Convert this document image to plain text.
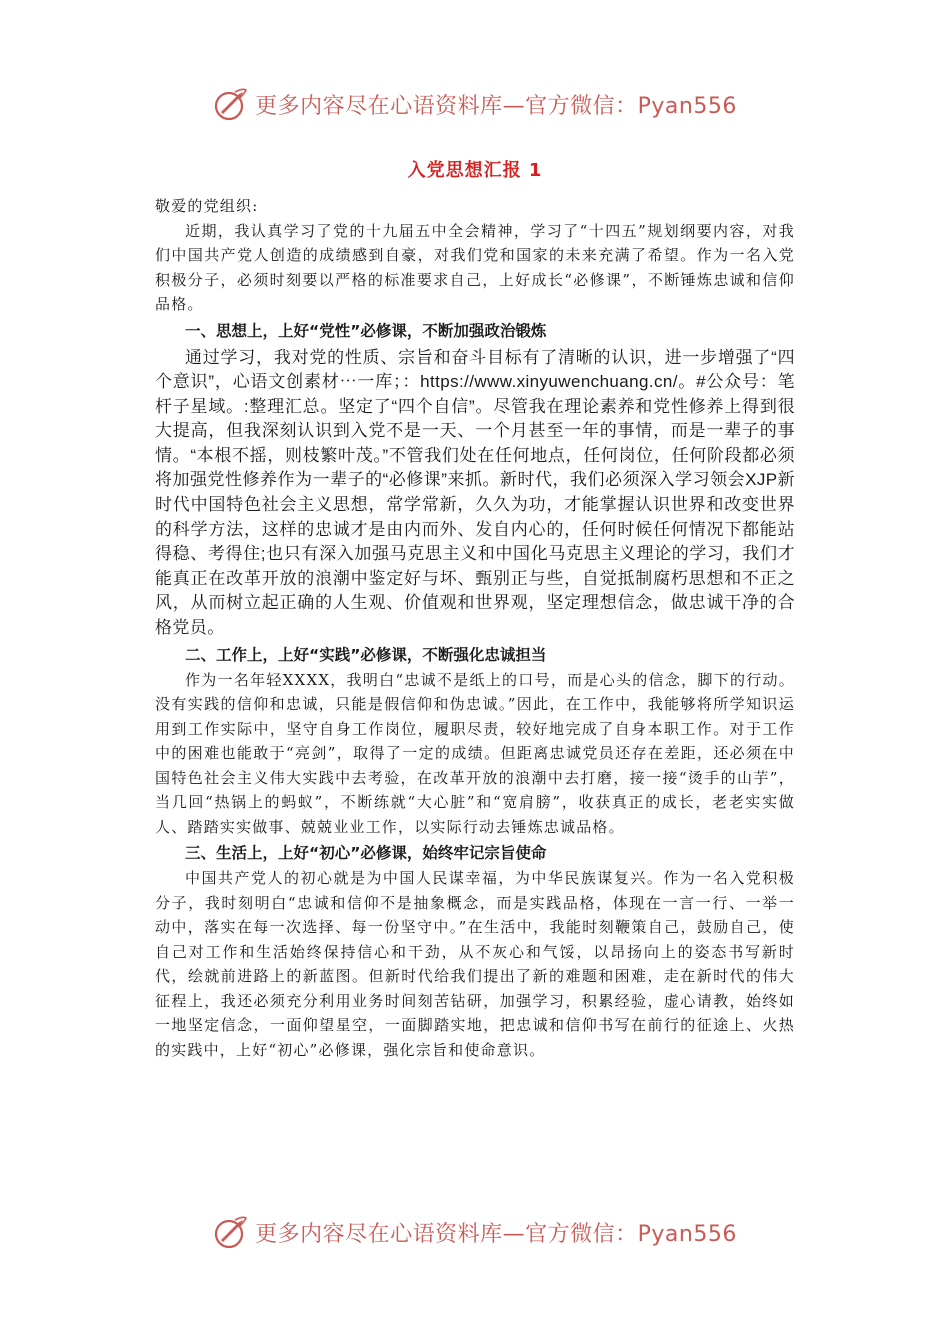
更多内容尽在心语资料库—官方微信：Pyan556
入党思想汇报 1

敬爱的党组织:

近期，我认真学习了党的十九届五中全会精神，学习了“十四五”规划纲要内容，对我们中国共产党人创造的成绩感到自豪，对我们党和国家的未来充满了希望。作为一名入党积极分子，必须时刻要以严格的标准要求自己，上好成长“必修课”，不断锤炼忠诚和信仰品格。

一、思想上，上好“党性”必修课，不断加强政治锻炼

通过学习，我对党的性质、宗旨和奋斗目标有了清晰的认识，进一步增强了“四个意识”，心语文创素材⋯一库；：https://www.xinyuwenchuang.cn/。#公众号：笔杆子星域。:整理汇总。坚定了“四个自信”。尽管我在理论素养和党性修养上得到很大提高，但我深刻认识到入党不是一天、一个月甚至一年的事情，而是一辈子的事情。“本根不摇，则枝繁叶茂。”不管我们处在任何地点，任何岗位，任何阶段都必须将加强党性修养作为一辈子的“必修课”来抓。新时代，我们必须深入学习领会XJP新时代中国特色社会主义思想，常学常新，久久为功，才能掌握认识世界和改变世界的科学方法，这样的忠诚才是由内而外、发自内心的，任何时候任何情况下都能站得稳、考得住;也只有深入加强马克思主义和中国化马克思主义理论的学习，我们才能真正在改革开放的浪潮中鉴定好与坏、甄别正与些，自觉抵制腐朽思想和不正之风，从而树立起正确的人生观、价值观和世界观，坚定理想信念，做忠诚干净的合格党员。

二、工作上，上好“实践”必修课，不断强化忠诚担当

作为一名年轻XXXX，我明白“忠诚不是纸上的口号，而是心头的信念，脚下的行动。没有实践的信仰和忠诚，只能是假信仰和伪忠诚。”因此，在工作中，我能够将所学知识运用到工作实际中，坚守自身工作岗位，履职尽责，较好地完成了自身本职工作。对于工作中的困难也能敢于“亮剑”，取得了一定的成绩。但距离忠诚党员还存在差距，还必须在中国特色社会主义伟大实践中去考验，在改革开放的浪潮中去打磨，接一接“烫手的山芋”，当几回“热锅上的蚂蚁”，不断练就“大心脏”和“宽肩膀”，收获真正的成长，老老实实做人、踏踏实实做事、兢兢业业工作，以实际行动去锤炼忠诚品格。

三、生活上，上好“初心”必修课，始终牢记宗旨使命

中国共产党人的初心就是为中国人民谋幸福，为中华民族谋复兴。作为一名入党积极分子，我时刻明白“忠诚和信仰不是抽象概念，而是实践品格，体现在一言一行、一举一动中，落实在每一次选择、每一份坚守中。”在生活中，我能时刻鞭策自己，鼓励自己，使自己对工作和生活始终保持信心和干劲，从不灰心和气馁，以昂扬向上的姿态书写新时代，绘就前进路上的新蓝图。但新时代给我们提出了新的难题和困难，走在新时代的伟大征程上，我还必须充分利用业务时间刻苦钻研，加强学习，积累经验，虚心请教，始终如一地坚定信念，一面仰望星空，一面脚踏实地，把忠诚和信仰书写在前行的征途上、火热的实践中，上好“初心”必修课，强化宗旨和使命意识。

更多内容尽在心语资料库—官方微信：Pyan556
